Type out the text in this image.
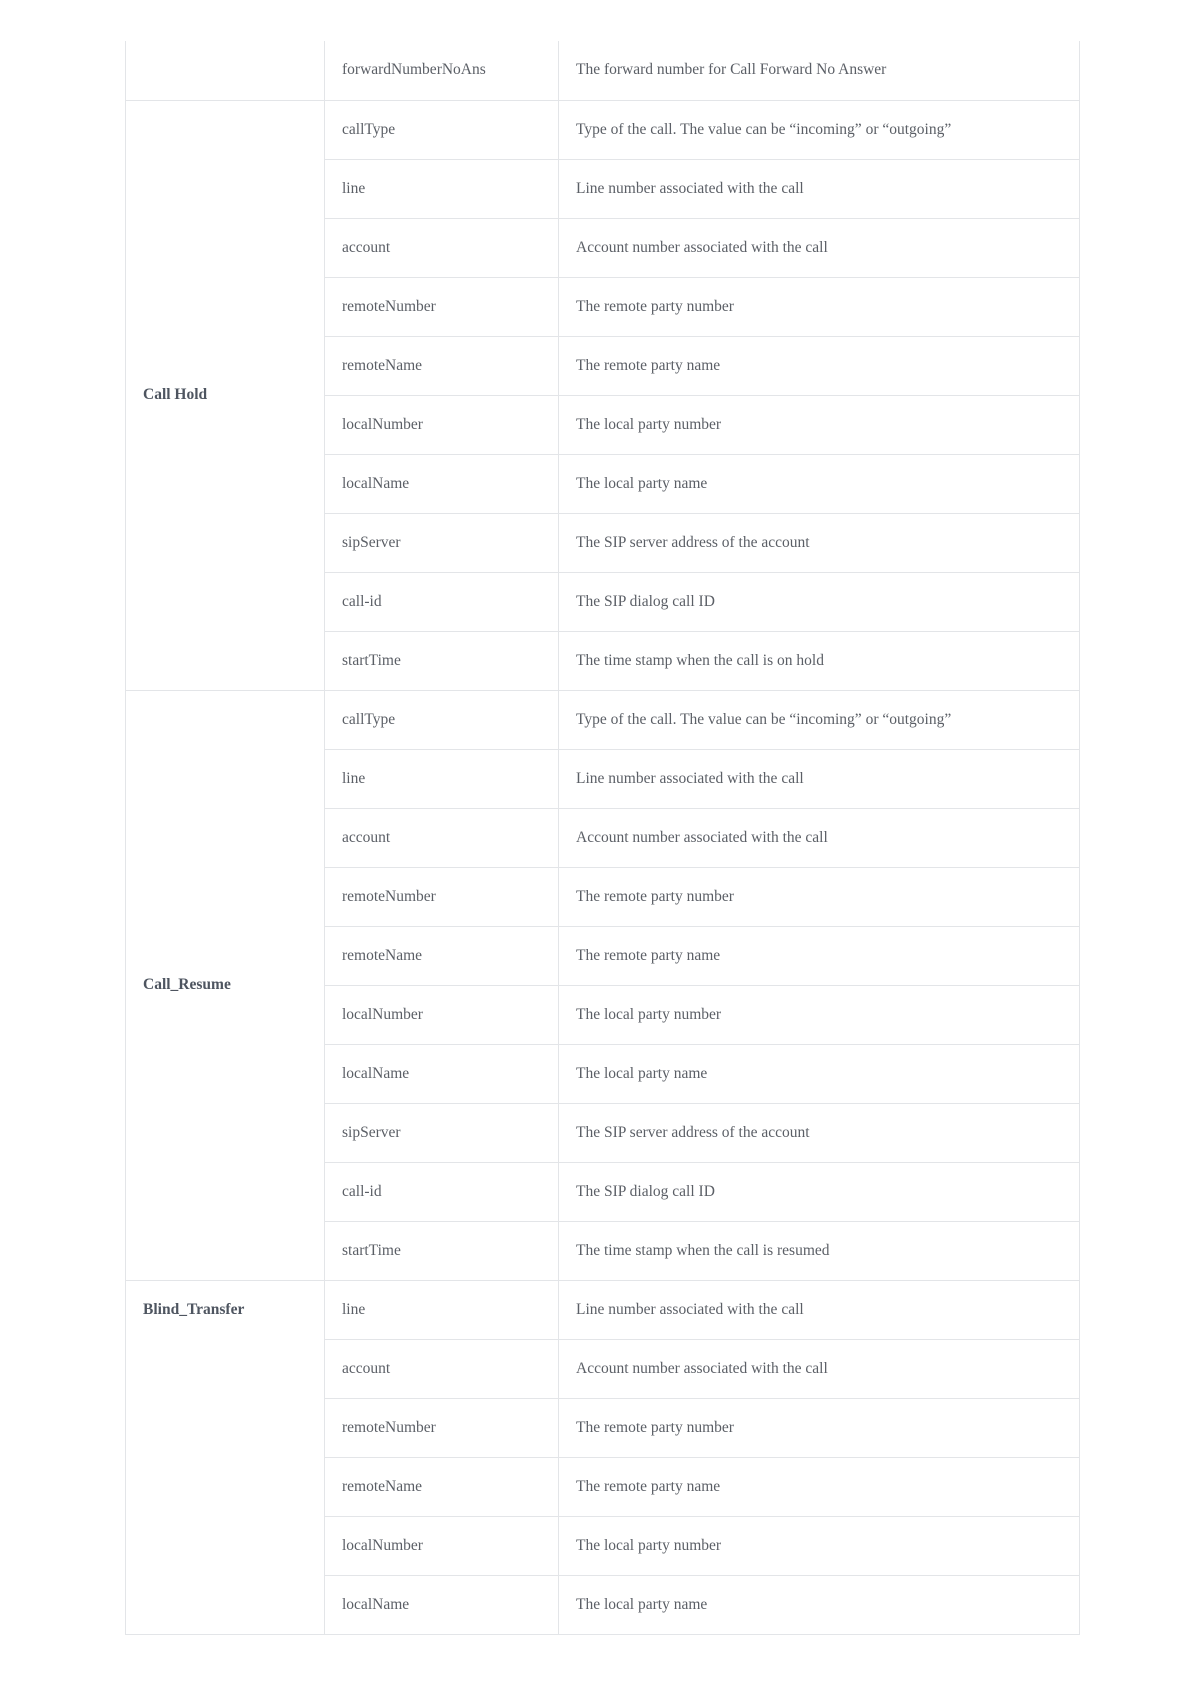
	forwardNumberNoAns	The forward number for Call Forward No Answer
Call Hold	callType	Type of the call. The value can be “incoming” or “outgoing”
	line	Line number associated with the call
	account	Account number associated with the call
	remoteNumber	The remote party number
	remoteName	The remote party name
	localNumber	The local party number
	localName	The local party name
	sipServer	The SIP server address of the account
	call-id	The SIP dialog call ID
	startTime	The time stamp when the call is on hold
Call_Resume	callType	Type of the call. The value can be “incoming” or “outgoing”
	line	Line number associated with the call
	account	Account number associated with the call
	remoteNumber	The remote party number
	remoteName	The remote party name
	localNumber	The local party number
	localName	The local party name
	sipServer	The SIP server address of the account
	call-id	The SIP dialog call ID
	startTime	The time stamp when the call is resumed
Blind_Transfer	line	Line number associated with the call
	account	Account number associated with the call
	remoteNumber	The remote party number
	remoteName	The remote party name
	localNumber	The local party number
	localName	The local party name
